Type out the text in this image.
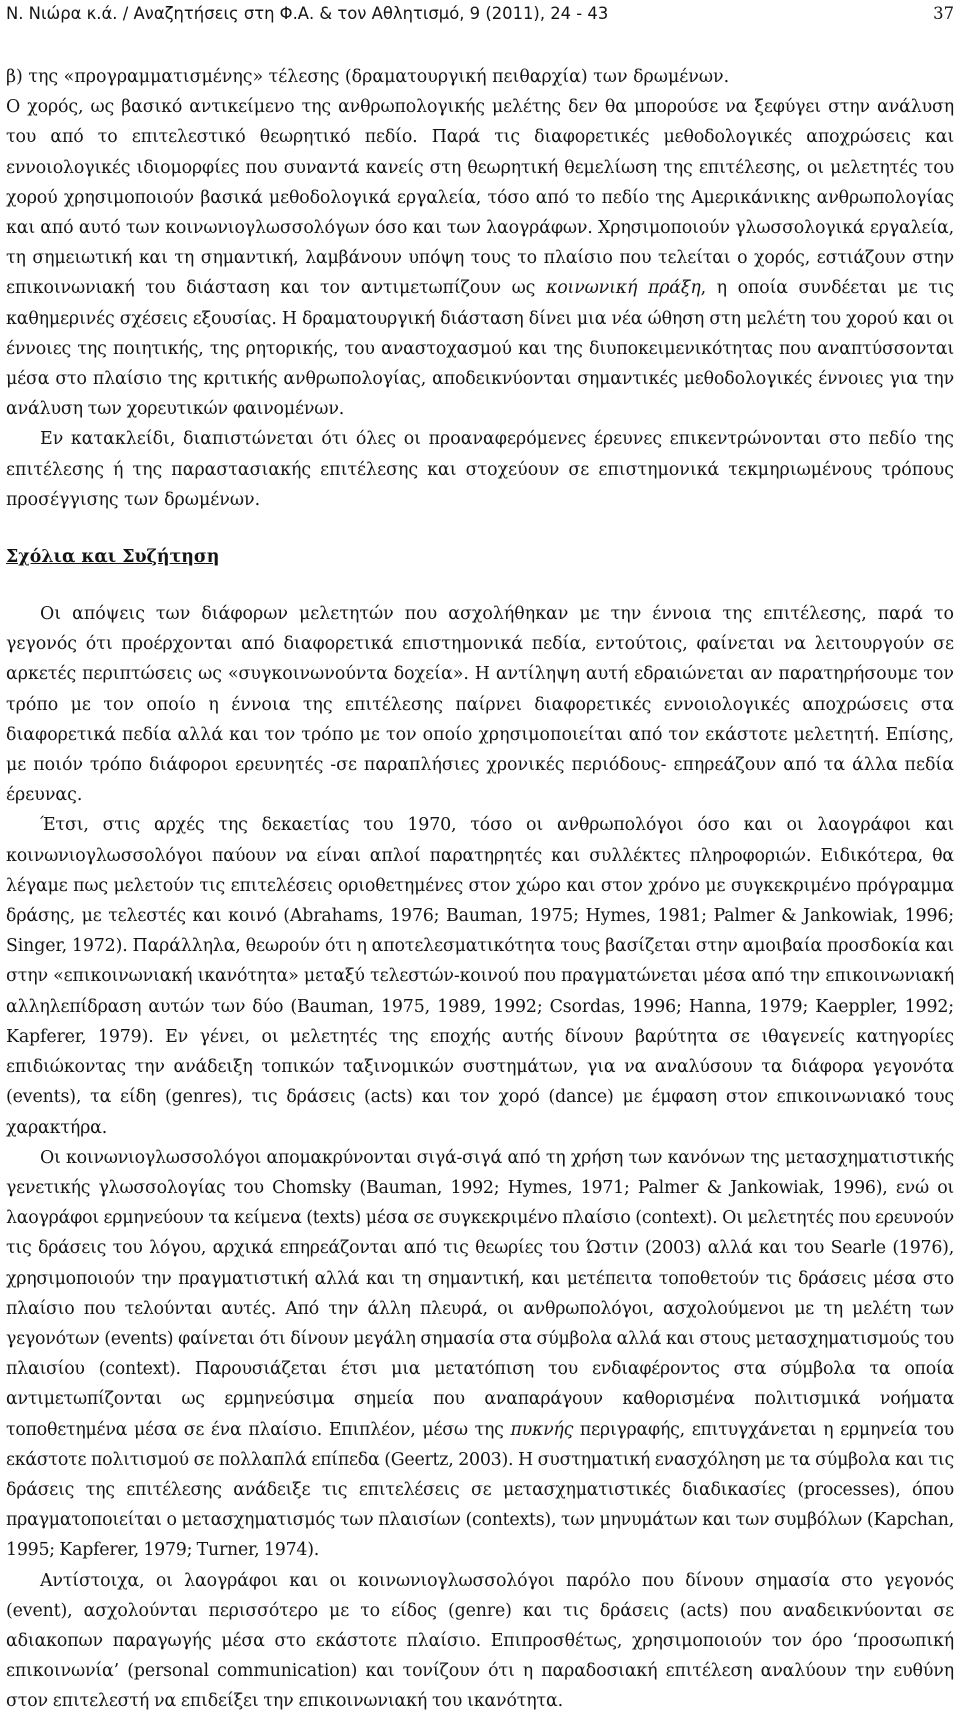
Ν. Νιώρα κ.ά. / Αναζητήσεις στη Φ.Α. & τον Αθλητισμό, 9 (2011), 24 - 43	37

β) της «προγραμματισμένης» τέλεσης (δραματουργική πειθαρχία) των δρωμένων.

Ο χορός, ως βασικό αντικείμενο της ανθρωπολογικής μελέτης δεν θα μπορούσε να ξεφύγει στην ανάλυση του από το επιτελεστικό θεωρητικό πεδίο. Παρά τις διαφορετικές μεθοδολογικές αποχρώσεις και εννοιολογικές ιδιομορφίες που συναντά κανείς στη θεωρητική θεμελίωση της επιτέλεσης, οι μελετητές του χορού χρησιμοποιούν βασικά μεθοδολογικά εργαλεία, τόσο από το πεδίο της Αμερικάνικης ανθρωπολογίας και από αυτό των κοινωνιογλωσσολόγων όσο και των λαογράφων. Χρησιμοποιούν γλωσσολογικά εργαλεία, τη σημειωτική και τη σημαντική, λαμβάνουν υπόψη τους το πλαίσιο που τελείται ο χορός, εστιάζουν στην επικοινωνιακή του διάσταση και τον αντιμετωπίζουν ως κοινωνική πράξη, η οποία συνδέεται με τις καθημερινές σχέσεις εξουσίας. Η δραματουργική διάσταση δίνει μια νέα ώθηση στη μελέτη του χορού και οι έννοιες της ποιητικής, της ρητορικής, του αναστοχασμού και της διυποκειμενικότητας που αναπτύσσονται μέσα στο πλαίσιο της κριτικής ανθρωπολογίας, αποδεικνύονται σημαντικές μεθοδολογικές έννοιες για την ανάλυση των χορευτικών φαινομένων.

Εν κατακλείδι, διαπιστώνεται ότι όλες οι προαναφερόμενες έρευνες επικεντρώνονται στο πεδίο της επιτέλεσης ή της παραστασιακής επιτέλεσης και στοχεύουν σε επιστημονικά τεκμηριωμένους τρόπους προσέγγισης των δρωμένων.

Σχόλια και Συζήτηση

Οι απόψεις των διάφορων μελετητών που ασχολήθηκαν με την έννοια της επιτέλεσης, παρά το γεγονός ότι προέρχονται από διαφορετικά επιστημονικά πεδία, εντούτοις, φαίνεται να λειτουργούν σε αρκετές περιπτώσεις ως «συγκοινωνούντα δοχεία». Η αντίληψη αυτή εδραιώνεται αν παρατηρήσουμε τον τρόπο με τον οποίο η έννοια της επιτέλεσης παίρνει διαφορετικές εννοιολογικές αποχρώσεις στα διαφορετικά πεδία αλλά και τον τρόπο με τον οποίο χρησιμοποιείται από τον εκάστοτε μελετητή. Επίσης, με ποιόν τρόπο διάφοροι ερευνητές -σε παραπλήσιες χρονικές περιόδους- επηρεάζουν από τα άλλα πεδία έρευνας.

Έτσι, στις αρχές της δεκαετίας του 1970, τόσο οι ανθρωπολόγοι όσο και οι λαογράφοι και κοινωνιογλωσσολόγοι παύουν να είναι απλοί παρατηρητές και συλλέκτες πληροφοριών. Ειδικότερα, θα λέγαμε πως μελετούν τις επιτελέσεις οριοθετημένες στον χώρο και στον χρόνο με συγκεκριμένο πρόγραμμα δράσης, με τελεστές και κοινό (Abrahams, 1976; Bauman, 1975; Hymes, 1981; Palmer & Jankowiak, 1996; Singer, 1972). Παράλληλα, θεωρούν ότι η αποτελεσματικότητα τους βασίζεται στην αμοιβαία προσδοκία και στην «επικοινωνιακή ικανότητα» μεταξύ τελεστών-κοινού που πραγματώνεται μέσα από την επικοινωνιακή αλληλεπίδραση αυτών των δύο (Bauman, 1975, 1989, 1992; Csordas, 1996; Hanna, 1979; Kaeppler, 1992; Kapferer, 1979). Εν γένει, οι μελετητές της εποχής αυτής δίνουν βαρύτητα σε ιθαγενείς κατηγορίες επιδιώκοντας την ανάδειξη τοπικών ταξινομικών συστημάτων, για να αναλύσουν τα διάφορα γεγονότα (events), τα είδη (genres), τις δράσεις (acts) και τον χορό (dance) με έμφαση στον επικοινωνιακό τους χαρακτήρα.

Οι κοινωνιογλωσσολόγοι απομακρύνονται σιγά-σιγά από τη χρήση των κανόνων της μετασχηματιστικής γενετικής γλωσσολογίας του Chomsky (Bauman, 1992; Hymes, 1971; Palmer & Jankowiak, 1996), ενώ οι λαογράφοι ερμηνεύουν τα κείμενα (texts) μέσα σε συγκεκριμένο πλαίσιο (context). Οι μελετητές που ερευνούν τις δράσεις του λόγου, αρχικά επηρεάζονται από τις θεωρίες του Ώστιν (2003) αλλά και του Searle (1976), χρησιμοποιούν την πραγματιστική αλλά και τη σημαντική, και μετέπειτα τοποθετούν τις δράσεις μέσα στο πλαίσιο που τελούνται αυτές. Από την άλλη πλευρά, οι ανθρωπολόγοι, ασχολούμενοι με τη μελέτη των γεγονότων (events) φαίνεται ότι δίνουν μεγάλη σημασία στα σύμβολα αλλά και στους μετασχηματισμούς του πλαισίου (context). Παρουσιάζεται έτσι μια μετατόπιση του ενδιαφέροντος στα σύμβολα τα οποία αντιμετωπίζονται ως ερμηνεύσιμα σημεία που αναπαράγουν καθορισμένα πολιτισμικά νοήματα τοποθετημένα μέσα σε ένα πλαίσιο. Επιπλέον, μέσω της πυκνής περιγραφής, επιτυγχάνεται η ερμηνεία του εκάστοτε πολιτισμού σε πολλαπλά επίπεδα (Geertz, 2003). Η συστηματική ενασχόληση με τα σύμβολα και τις δράσεις της επιτέλεσης ανάδειξε τις επιτελέσεις σε μετασχηματιστικές διαδικασίες (processes), όπου πραγματοποιείται ο μετασχηματισμός των πλαισίων (contexts), των μηνυμάτων και των συμβόλων (Kapchan, 1995; Kapferer, 1979; Turner, 1974).

Αντίστοιχα, οι λαογράφοι και οι κοινωνιογλωσσολόγοι παρόλο που δίνουν σημασία στο γεγονός (event), ασχολούνται περισσότερο με το είδος (genre) και τις δράσεις (acts) που αναδεικνύονται σε αδιακοπων παραγωγής μέσα στο εκάστοτε πλαίσιο. Επιπροσθέτως, χρησιμοποιούν τον όρο ‘προσωπική επικοινωνία’ (personal communication) και τονίζουν ότι η παραδοσιακή επιτέλεση αναλύουν την ευθύνη στον επιτελεστή να επιδείξει την επικοινωνιακή του ικανότητα.
